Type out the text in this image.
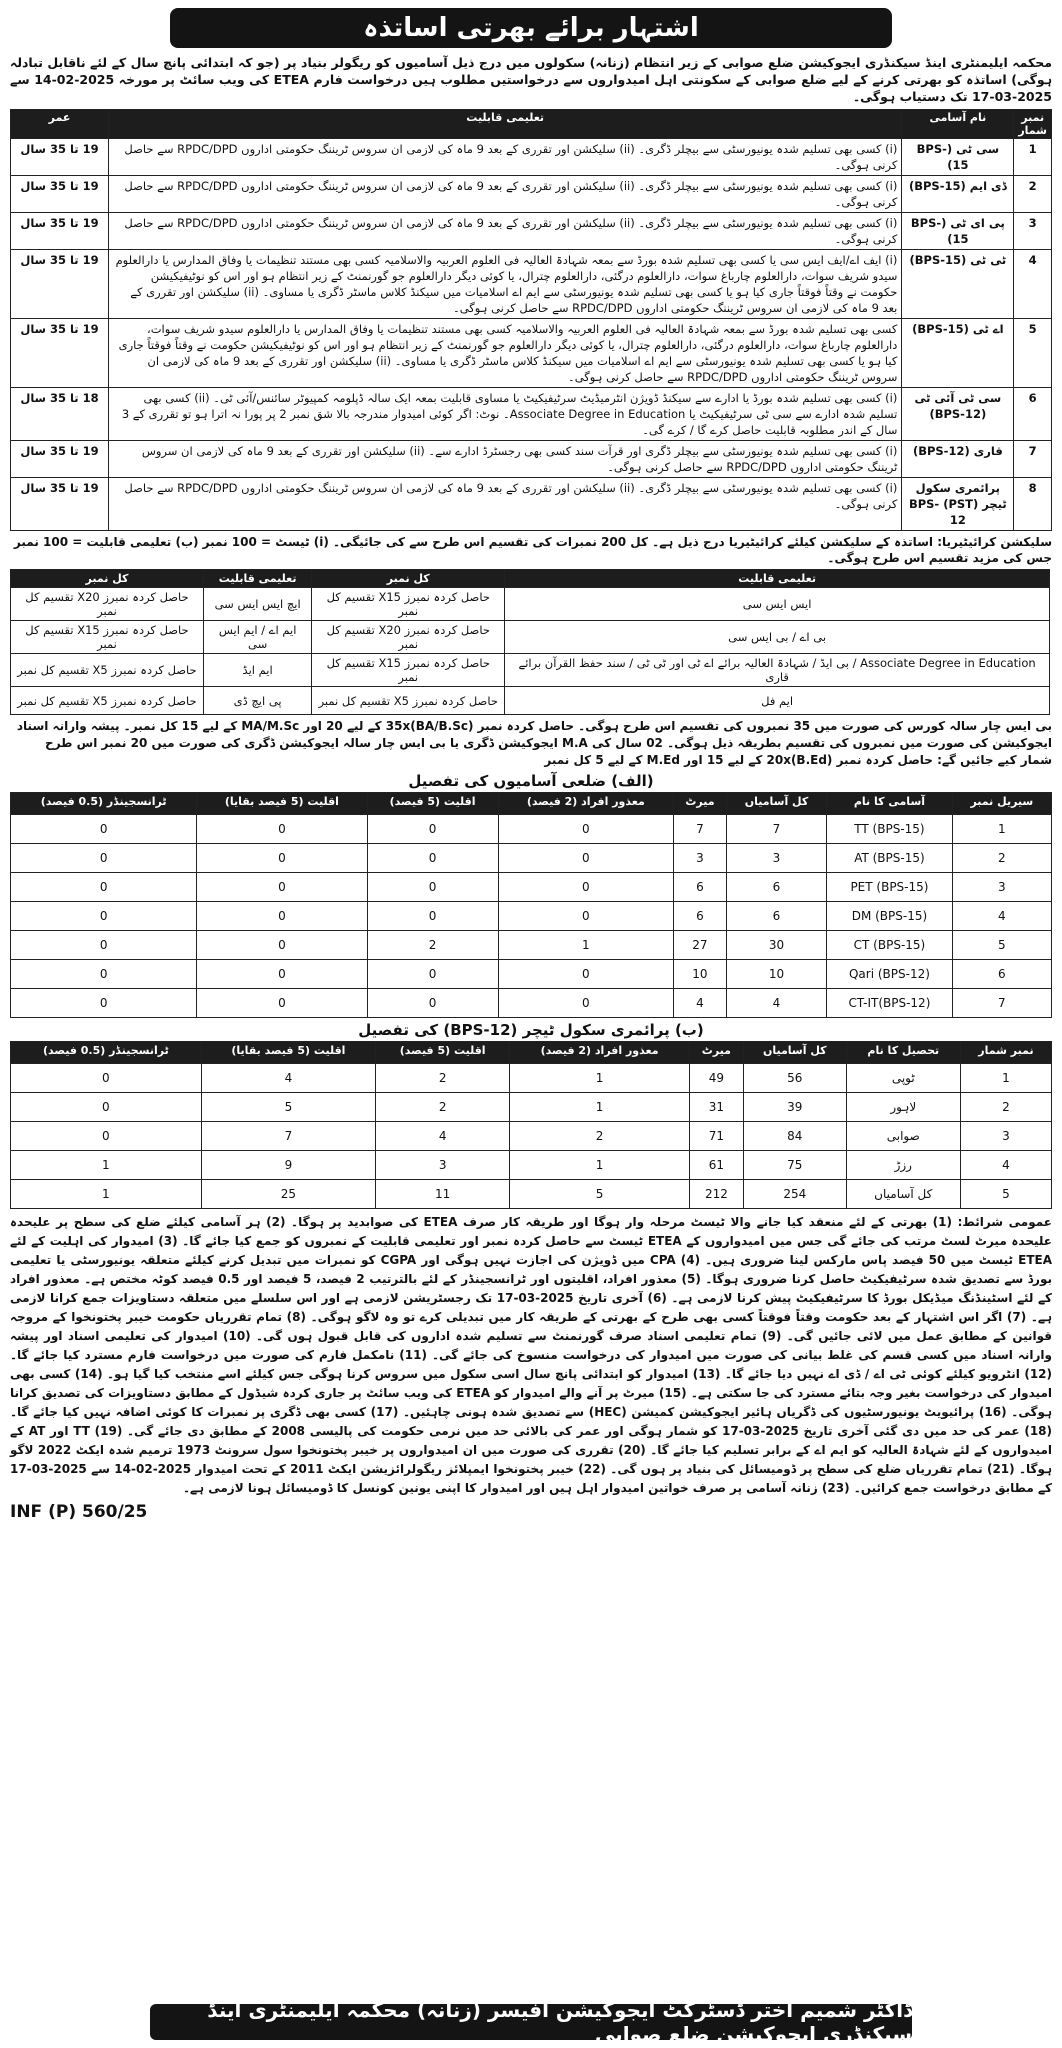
اشتہار برائے بھرتی اساتذہ

محکمہ ایلیمنٹری اینڈ سیکنڈری ایجوکیشن ضلع صوابی کے زیر انتظام (زنانہ) سکولوں میں درج ذیل آسامیوں کو ریگولر بنیاد پر (جو کہ ابتدائی پانچ سال کے لئے ناقابل تبادلہ ہوگی) اساتذہ کو بھرتی کرنے کے لیے ضلع صوابی کے سکونتی اہل امیدواروں سے درخواستیں مطلوب ہیں درخواست فارم ETEA کی ویب سائٹ پر مورخہ 2025-02-14 سے 2025-03-17 تک دستیاب ہوگی۔

نمبر شمار	نام آسامی	تعلیمی قابلیت	عمر
1	سی ٹی (BPS-15)	(i) کسی بھی تسلیم شدہ یونیورسٹی سے بیچلر ڈگری۔ (ii) سلیکشن اور تقرری کے بعد 9 ماہ کی لازمی ان سروس ٹریننگ حکومتی اداروں RPDC/DPD سے حاصل کرنی ہوگی۔	19 تا 35 سال
2	ڈی ایم (BPS-15)	(i) کسی بھی تسلیم شدہ یونیورسٹی سے بیچلر ڈگری۔ (ii) سلیکشن اور تقرری کے بعد 9 ماہ کی لازمی ان سروس ٹریننگ حکومتی اداروں RPDC/DPD سے حاصل کرنی ہوگی۔	19 تا 35 سال
3	پی ای ٹی (BPS-15)	(i) کسی بھی تسلیم شدہ یونیورسٹی سے بیچلر ڈگری۔ (ii) سلیکشن اور تقرری کے بعد 9 ماہ کی لازمی ان سروس ٹریننگ حکومتی اداروں RPDC/DPD سے حاصل کرنی ہوگی۔	19 تا 35 سال
4	ٹی ٹی (BPS-15)	(i) ایف اے/ایف ایس سی یا کسی بھی تسلیم شدہ بورڈ سے بمعہ شہادۃ العالیہ فی العلوم العربیہ والاسلامیہ کسی بھی مستند تنظیمات یا وفاق المدارس یا دارالعلوم سیدو شریف سوات، دارالعلوم چارباغ سوات، دارالعلوم درگئی، دارالعلوم چترال، یا کوئی دیگر دارالعلوم جو گورنمنٹ کے زیر انتظام ہو اور اس کو نوٹیفیکیشن حکومت نے وقتاً فوقتاً جاری کیا ہو یا کسی بھی تسلیم شدہ یونیورسٹی سے ایم اے اسلامیات میں سیکنڈ کلاس ماسٹر ڈگری یا مساوی۔ (ii) سلیکشن اور تقرری کے بعد 9 ماہ کی لازمی ان سروس ٹریننگ حکومتی اداروں RPDC/DPD سے حاصل کرنی ہوگی۔	19 تا 35 سال
5	اے ٹی (BPS-15)	کسی بھی تسلیم شدہ بورڈ سے بمعہ شہادۃ العالیہ فی العلوم العربیہ والاسلامیہ کسی بھی مستند تنظیمات یا وفاق المدارس یا دارالعلوم سیدو شریف سوات، دارالعلوم چارباغ سوات، دارالعلوم درگئی، دارالعلوم چترال، یا کوئی دیگر دارالعلوم جو گورنمنٹ کے زیر انتظام ہو اور اس کو نوٹیفیکیشن حکومت نے وقتاً فوقتاً جاری کیا ہو یا کسی بھی تسلیم شدہ یونیورسٹی سے ایم اے اسلامیات میں سیکنڈ کلاس ماسٹر ڈگری یا مساوی۔ (ii) سلیکشن اور تقرری کے بعد 9 ماہ کی لازمی ان سروس ٹریننگ حکومتی اداروں RPDC/DPD سے حاصل کرنی ہوگی۔	19 تا 35 سال
6	سی ٹی آئی ٹی (BPS-12)	(i) کسی بھی تسلیم شدہ بورڈ یا ادارے سے سیکنڈ ڈویژن انٹرمیڈیٹ سرٹیفیکیٹ یا مساوی قابلیت بمعہ ایک سالہ ڈپلومہ کمپیوٹر سائنس/آئی ٹی۔ (ii) کسی بھی تسلیم شدہ ادارے سے سی ٹی سرٹیفیکیٹ یا Associate Degree in Education۔ نوٹ: اگر کوئی امیدوار مندرجہ بالا شق نمبر 2 پر پورا نہ اترا ہو تو تقرری کے 3 سال کے اندر مطلوبہ قابلیت حاصل کرے گا / کرے گی۔	18 تا 35 سال
7	قاری (BPS-12)	(i) کسی بھی تسلیم شدہ یونیورسٹی سے بیچلر ڈگری اور قرآت سند کسی بھی رجسٹرڈ ادارے سے۔ (ii) سلیکشن اور تقرری کے بعد 9 ماہ کی لازمی ان سروس ٹریننگ حکومتی اداروں RPDC/DPD سے حاصل کرنی ہوگی۔	19 تا 35 سال
8	پرائمری سکول ٹیچر (PST) BPS-12	(i) کسی بھی تسلیم شدہ یونیورسٹی سے بیچلر ڈگری۔ (ii) سلیکشن اور تقرری کے بعد 9 ماہ کی لازمی ان سروس ٹریننگ حکومتی اداروں RPDC/DPD سے حاصل کرنی ہوگی۔	19 تا 35 سال

سلیکشن کرائیٹیریا: اساتذہ کے سلیکشن کیلئے کرائیٹیریا درج ذیل ہے۔ کل 200 نمبرات کی تقسیم اس طرح سے کی جائیگی۔ (i) ٹیسٹ = 100 نمبر (ب) تعلیمی قابلیت = 100 نمبر جس کی مزید تقسیم اس طرح ہوگی۔

تعلیمی قابلیت	کل نمبر	تعلیمی قابلیت	کل نمبر
ایس ایس سی	حاصل کردہ نمبرز X15 تقسیم کل نمبر	ایچ ایس ایس سی	حاصل کردہ نمبرز X20 تقسیم کل نمبر
بی اے / بی ایس سی	حاصل کردہ نمبرز X20 تقسیم کل نمبر	ایم اے / ایم ایس سی	حاصل کردہ نمبرز X15 تقسیم کل نمبر
Associate Degree in Education / بی ایڈ / شہادۃ العالیہ برائے اے ٹی اور ٹی ٹی / سند حفظ القرآن برائے قاری	حاصل کردہ نمبرز X15 تقسیم کل نمبر	ایم ایڈ	حاصل کردہ نمبرز X5 تقسیم کل نمبر
ایم فل	حاصل کردہ نمبرز X5 تقسیم کل نمبر	پی ایچ ڈی	حاصل کردہ نمبرز X5 تقسیم کل نمبر

بی ایس چار سالہ کورس کی صورت میں 35 نمبروں کی تقسیم اس طرح ہوگی۔ حاصل کردہ نمبر 35x(BA/B.Sc) کے لیے 20 اور MA/M.Sc کے لیے 15 کل نمبر۔ پیشہ وارانہ اسناد ایجوکیشن کی صورت میں نمبروں کی تقسیم بطریقہ ذیل ہوگی۔ 02 سال کی M.A ایجوکیشن ڈگری یا بی ایس چار سالہ ایجوکیشن ڈگری کی صورت میں 20 نمبر اس طرح شمار کیے جائیں گے: حاصل کردہ نمبر 20x(B.Ed) کے لیے 15 اور M.Ed کے لیے 5 کل نمبر

(الف) ضلعی آسامیوں کی تفصیل
ٹرانسجینڈر (0.5 فیصد)	اقلیت (5 فیصد بقایا)	اقلیت (5 فیصد)	معذور افراد (2 فیصد)	میرٹ	کل آسامیاں	آسامی کا نام	سیریل نمبر
0	0	0	0	7	7	TT (BPS-15)	1
0	0	0	0	3	3	AT (BPS-15)	2
0	0	0	0	6	6	PET (BPS-15)	3
0	0	0	0	6	6	DM (BPS-15)	4
0	0	2	1	27	30	CT (BPS-15)	5
0	0	0	0	10	10	Qari (BPS-12)	6
0	0	0	0	4	4	CT-IT(BPS-12)	7
(ب) پرائمری سکول ٹیچر (BPS-12) کی تفصیل
ٹرانسجینڈر (0.5 فیصد)	اقلیت (5 فیصد بقایا)	اقلیت (5 فیصد)	معذور افراد (2 فیصد)	میرٹ	کل آسامیاں	تحصیل کا نام	نمبر شمار
0	4	2	1	49	56	ٹوپی	1
0	5	2	1	31	39	لاہور	2
0	7	4	2	71	84	صوابی	3
1	9	3	1	61	75	رزڑ	4
1	25	11	5	212	254	کل آسامیاں	5

عمومی شرائط: (1) بھرتی کے لئے منعقد کیا جانے والا ٹیسٹ مرحلہ وار ہوگا اور طریقہ کار صرف ETEA کی صوابدید پر ہوگا۔ (2) ہر آسامی کیلئے ضلع کی سطح پر علیحدہ علیحدہ میرٹ لسٹ مرتب کی جائے گی جس میں امیدواروں کے ETEA ٹیسٹ سے حاصل کردہ نمبر اور تعلیمی قابلیت کے نمبروں کو جمع کیا جائے گا۔ (3) امیدوار کی اہلیت کے لئے ETEA ٹیسٹ میں 50 فیصد پاس مارکس لینا ضروری ہیں۔ (4) CPA میں ڈویژن کی اجازت نہیں ہوگی اور CGPA کو نمبرات میں تبدیل کرنے کیلئے متعلقہ یونیورسٹی یا تعلیمی بورڈ سے تصدیق شدہ سرٹیفیکیٹ حاصل کرنا ضروری ہوگا۔ (5) معذور افراد، اقلیتوں اور ٹرانسجینڈر کے لئے بالترتیب 2 فیصد، 5 فیصد اور 0.5 فیصد کوٹہ مختص ہے۔ معذور افراد کے لئے اسٹینڈنگ میڈیکل بورڈ کا سرٹیفیکیٹ پیش کرنا لازمی ہے۔ (6) آخری تاریخ 2025-03-17 تک رجسٹریشن لازمی ہے اور اس سلسلے میں متعلقہ دستاویزات جمع کرانا لازمی ہے۔ (7) اگر اس اشتہار کے بعد حکومت وقتاً فوقتاً کسی بھی طرح کے بھرتی کے طریقہ کار میں تبدیلی کرے تو وہ لاگو ہوگی۔ (8) تمام تقرریاں حکومت خیبر پختونخوا کے مروجہ قوانین کے مطابق عمل میں لائی جائیں گی۔ (9) تمام تعلیمی اسناد صرف گورنمنٹ سے تسلیم شدہ اداروں کی قابل قبول ہوں گی۔ (10) امیدوار کی تعلیمی اسناد اور پیشہ وارانہ اسناد میں کسی قسم کی غلط بیانی کی صورت میں امیدوار کی درخواست منسوخ کی جائے گی۔ (11) نامکمل فارم کی صورت میں درخواست فارم مسترد کیا جائے گا۔ (12) انٹرویو کیلئے کوئی ٹی اے / ڈی اے نہیں دیا جائے گا۔ (13) امیدوار کو ابتدائی پانچ سال اسی سکول میں سروس کرنا ہوگی جس کیلئے اسے منتخب کیا گیا ہو۔ (14) کسی بھی امیدوار کی درخواست بغیر وجہ بتائے مسترد کی جا سکتی ہے۔ (15) میرٹ پر آنے والے امیدوار کو ETEA کی ویب سائٹ پر جاری کردہ شیڈول کے مطابق دستاویزات کی تصدیق کرانا ہوگی۔ (16) پرائیویٹ یونیورسٹیوں کی ڈگریاں ہائیر ایجوکیشن کمیشن (HEC) سے تصدیق شدہ ہونی چاہئیں۔ (17) کسی بھی ڈگری پر نمبرات کا کوئی اضافہ نہیں کیا جائے گا۔ (18) عمر کی حد میں دی گئی آخری تاریخ 2025-03-17 کو شمار ہوگی اور عمر کی بالائی حد میں نرمی حکومت کی پالیسی 2008 کے مطابق دی جائے گی۔ (19) TT اور AT کے امیدواروں کے لئے شہادۃ العالیہ کو ایم اے کے برابر تسلیم کیا جائے گا۔ (20) تقرری کی صورت میں ان امیدواروں پر خیبر پختونخوا سول سرونٹ 1973 ترمیم شدہ ایکٹ 2022 لاگو ہوگا۔ (21) تمام تقرریاں ضلع کی سطح پر ڈومیسائل کی بنیاد پر ہوں گی۔ (22) خیبر پختونخوا ایمپلائز ریگولرائزیشن ایکٹ 2011 کے تحت امیدوار 2025-02-14 سے 2025-03-17 کے مطابق درخواست جمع کرائیں۔ (23) زنانہ آسامی پر صرف خواتین امیدوار اہل ہیں اور امیدوار کا اپنی یونین کونسل کا ڈومیسائل ہونا لازمی ہے۔

INF (P) 560/25
ڈاکٹر شمیم اختر ڈسٹرکٹ ایجوکیشن آفیسر (زنانہ) محکمہ ایلیمنٹری اینڈ سیکنڈری ایجوکیشن ضلع صوابی
